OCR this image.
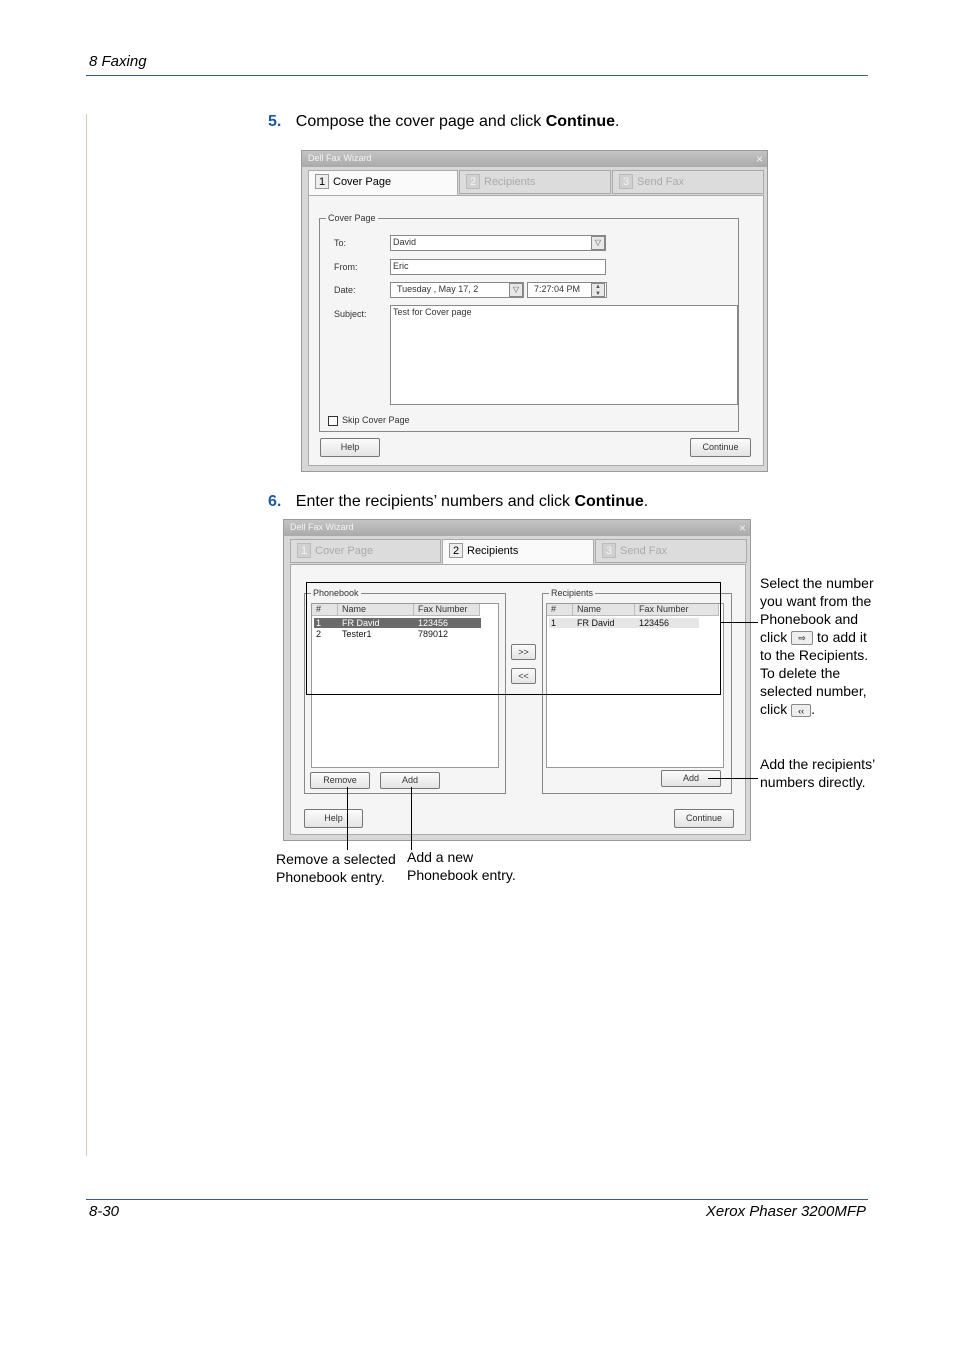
8 Faxing
5. Compose the cover page and click Continue.
Dell Fax Wizard	×
1 Cover Page	2 Recipients	3 Send Fax
Cover Page
To:	David	▽
From:	Eric
Date:	Tuesday , May 17, 2	▽	7:27:04 PM	▲
▼
Subject:	Test for Cover page
Skip Cover Page
Help	Continue
6. Enter the recipients’ numbers and click Continue.
Dell Fax Wizard	×
1 Cover Page	2 Recipients	3 Send Fax
Phonebook
#	Name	Fax Number
1 FR David	123456
2 Tester1	789012
Remove	Add
>>
<<
Recipients
#	Name	Fax Number
1 FR David	123456
Add
Help	Continue
Select the number
you want from the
Phonebook and
click ⇨ to add it
to the Recipients.
To delete the
selected number,
click ‹‹ .
Add the recipients’
numbers directly.
Remove a selected
Phonebook entry.
Add a new
Phonebook entry.
8-30	Xerox Phaser 3200MFP
